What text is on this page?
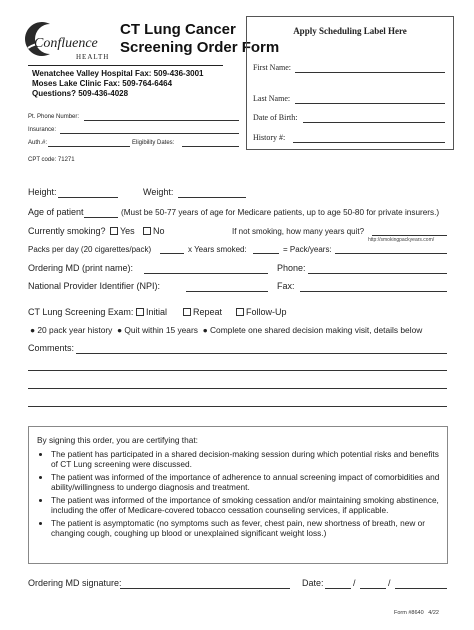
Confluence
HEALTH
CT Lung Cancer
Screening Order Form
Wenatchee Valley Hospital Fax: 509-436-3001
Moses Lake Clinic Fax: 509-764-6464
Questions? 509-436-4028
Apply Scheduling Label Here
First Name:
Last Name:
Date of Birth:
History #:
Pt. Phone Number:
Insurance:
Auth.#:	Eligibility Dates:
CPT code: 71271
Height:	Weight:
Age of patient	(Must be 50-77 years of age for Medicare patients, up to age 50-80 for private insurers.)
Currently smoking?	Yes	No	If not smoking, how many years quit?
http://smokingpackyears.com/
Packs per day (20 cigarettes/pack)	x Years smoked:	= Pack/years:
Ordering MD (print name):	Phone:
National Provider Identifier (NPI):	Fax:
CT Lung Screening Exam:	Initial	Repeat	Follow-Up
● 20 pack year history ● Quit within 15 years ● Complete one shared decision making visit, details below
Comments:
By signing this order, you are certifying that:
• The patient has participated in a shared decision-making session during which potential risks and benefits of CT Lung screening were discussed.
• The patient was informed of the importance of adherence to annual screening impact of comorbidities and ability/willingness to undergo diagnosis and treatment.
• The patient was informed of the importance of smoking cessation and/or maintaining smoking abstinence, including the offer of Medicare-covered tobacco cessation counseling services, if applicable.
• The patient is asymptomatic (no symptoms such as fever, chest pain, new shortness of breath, new or changing cough, coughing up blood or unexplained significant weight loss.)
Ordering MD signature:	Date:	/	/
Form #8640   4/22
